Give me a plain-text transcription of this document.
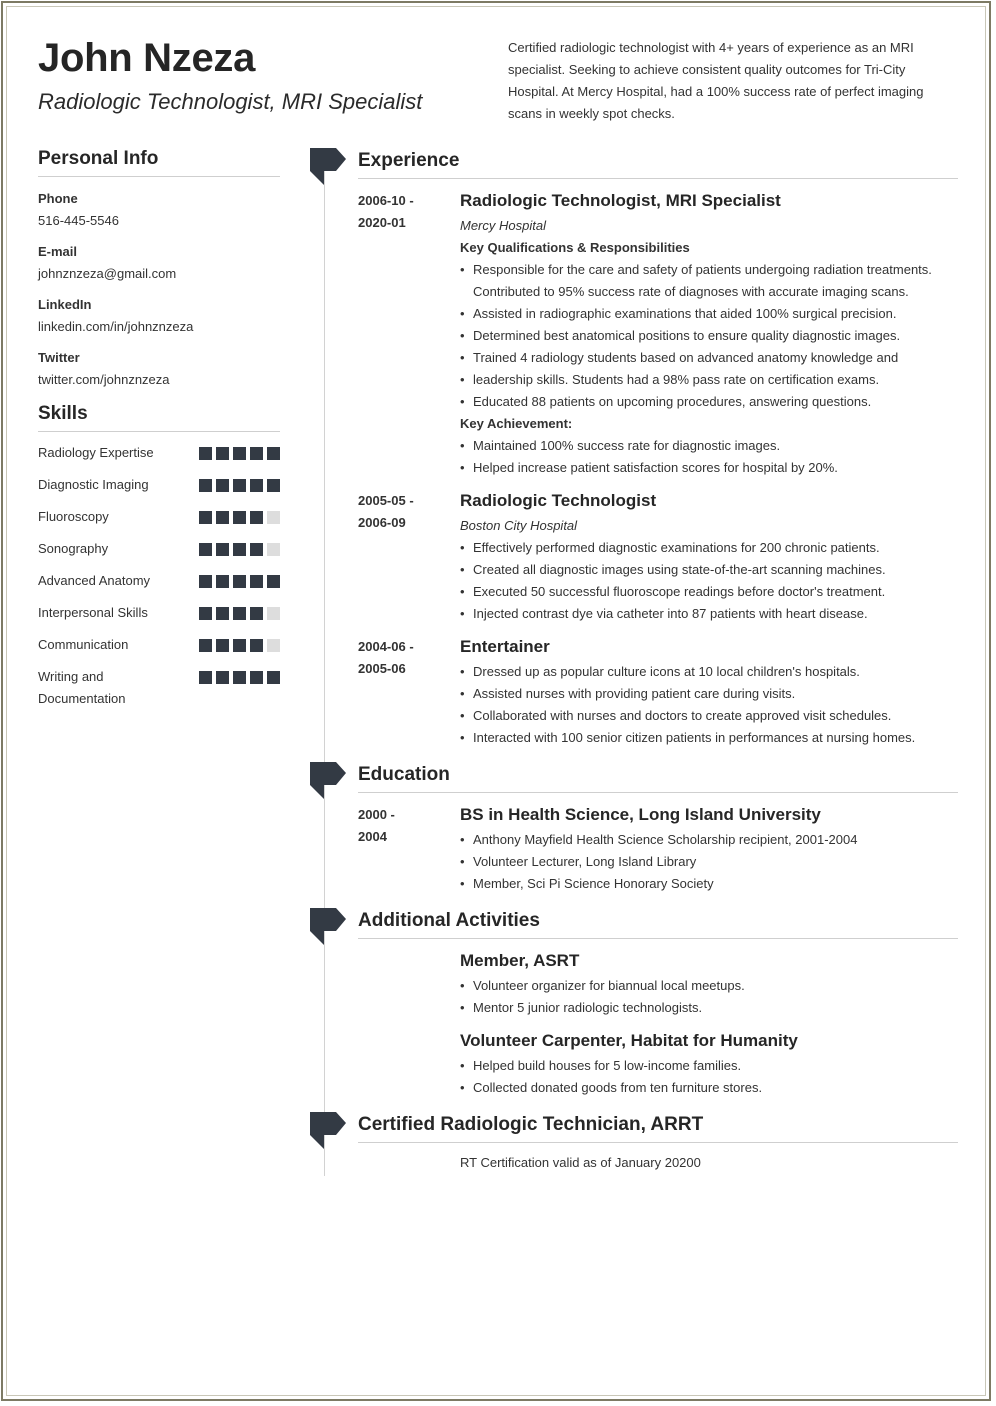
John Nzeza
Radiologic Technologist, MRI Specialist
Certified radiologic technologist with 4+ years of experience as an MRI specialist. Seeking to achieve consistent quality outcomes for Tri-City Hospital. At Mercy Hospital, had a 100% success rate of perfect imaging scans in weekly spot checks.
Personal Info
Phone
516-445-5546
E-mail
johnznzeza@gmail.com
LinkedIn
linkedin.com/in/johnznzeza
Twitter
twitter.com/johnznzeza
Skills
Radiology Expertise
Diagnostic Imaging
Fluoroscopy
Sonography
Advanced Anatomy
Interpersonal Skills
Communication
Writing and Documentation
Experience
2006-10 -
2020-01
Radiologic Technologist, MRI Specialist
Mercy Hospital
Key Qualifications & Responsibilities
• Responsible for the care and safety of patients undergoing radiation treatments. Contributed to 95% success rate of diagnoses with accurate imaging scans.
• Assisted in radiographic examinations that aided 100% surgical precision.
• Determined best anatomical positions to ensure quality diagnostic images.
• Trained 4 radiology students based on advanced anatomy knowledge and
• leadership skills. Students had a 98% pass rate on certification exams.
• Educated 88 patients on upcoming procedures, answering questions.
Key Achievement:
• Maintained 100% success rate for diagnostic images.
• Helped increase patient satisfaction scores for hospital by 20%.
2005-05 -
2006-09
Radiologic Technologist
Boston City Hospital
• Effectively performed diagnostic examinations for 200 chronic patients.
• Created all diagnostic images using state-of-the-art scanning machines.
• Executed 50 successful fluoroscope readings before doctor's treatment.
• Injected contrast dye via catheter into 87 patients with heart disease.
2004-06 -
2005-06
Entertainer
• Dressed up as popular culture icons at 10 local children's hospitals.
• Assisted nurses with providing patient care during visits.
• Collaborated with nurses and doctors to create approved visit schedules.
• Interacted with 100 senior citizen patients in performances at nursing homes.
Education
2000 -
2004
BS in Health Science, Long Island University
• Anthony Mayfield Health Science Scholarship recipient, 2001-2004
• Volunteer Lecturer, Long Island Library
• Member, Sci Pi Science Honorary Society
Additional Activities
Member, ASRT
• Volunteer organizer for biannual local meetups.
• Mentor 5 junior radiologic technologists.
Volunteer Carpenter, Habitat for Humanity
• Helped build houses for 5 low-income families.
• Collected donated goods from ten furniture stores.
Certified Radiologic Technician, ARRT
RT Certification valid as of January 20200
